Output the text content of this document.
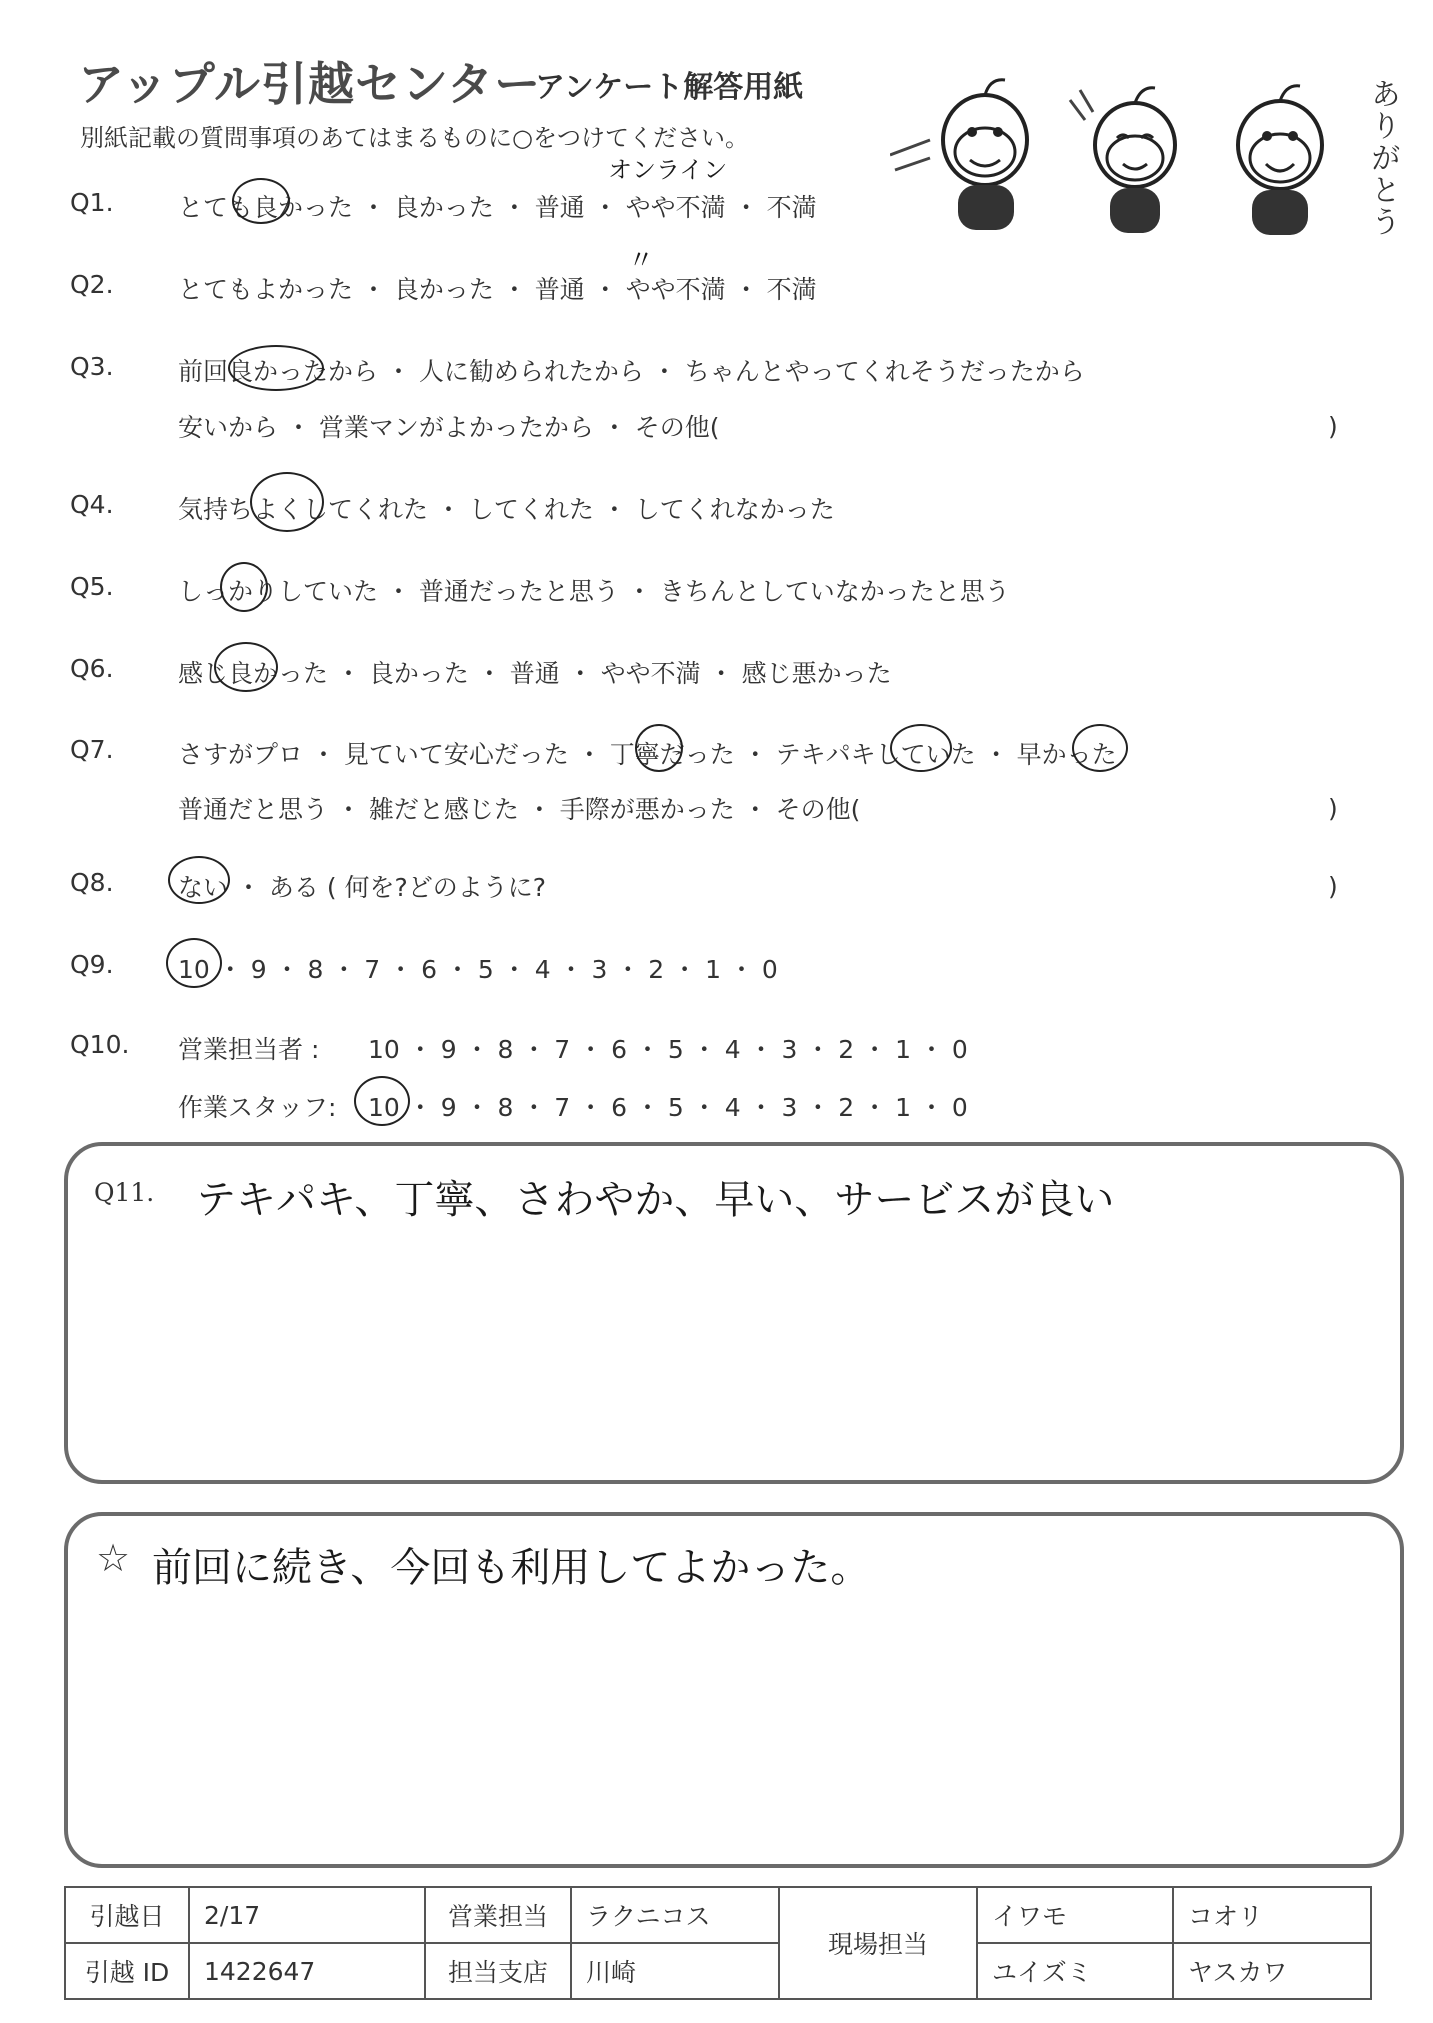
アップル引越センター
アンケート解答用紙
別紙記載の質問事項のあてはまるものに○をつけてください。	ありがとう
Q1.	とても良かった ・ 良かった ・ 普通 ・ やや不満 ・ 不満
オンライン
Q2.	とてもよかった ・ 良かった ・ 普通 ・ やや不満 ・ 不満
〃
Q3.	前回良かったから ・ 人に勧められたから ・ ちゃんとやってくれそうだったから
安いから ・ 営業マンがよかったから ・ その他(	)
Q4.	気持ちよくしてくれた ・ してくれた ・ してくれなかった
Q5.	しっかりしていた ・ 普通だったと思う ・ きちんとしていなかったと思う
Q6.	感じ良かった ・ 良かった ・ 普通 ・ やや不満 ・ 感じ悪かった
Q7.	さすがプロ ・ 見ていて安心だった ・ 丁寧だった ・ テキパキしていた ・ 早かった
普通だと思う ・ 雑だと感じた ・ 手際が悪かった ・ その他(	)
Q8.	ない ・ ある ( 何を?どのように?	)
Q9.	10 ・ 9 ・ 8 ・ 7 ・ 6 ・ 5 ・ 4 ・ 3 ・ 2 ・ 1 ・ 0
Q10. 営業担当者 : 10 ・ 9 ・ 8 ・ 7 ・ 6 ・ 5 ・ 4 ・ 3 ・ 2 ・ 1 ・ 0
作業スタッフ: 10 ・ 9 ・ 8 ・ 7 ・ 6 ・ 5 ・ 4 ・ 3 ・ 2 ・ 1 ・ 0
Q11. テキパキ、丁寧、さわやか、早い、サービスが良い
☆ 前回に続き、今回も利用してよかった。
引越日	2/17	営業担当	ラクニコス	現場担当	イワモ	コオリ
引越 ID	1422647	担当支店	川崎		ユイズミ	ヤスカワ
